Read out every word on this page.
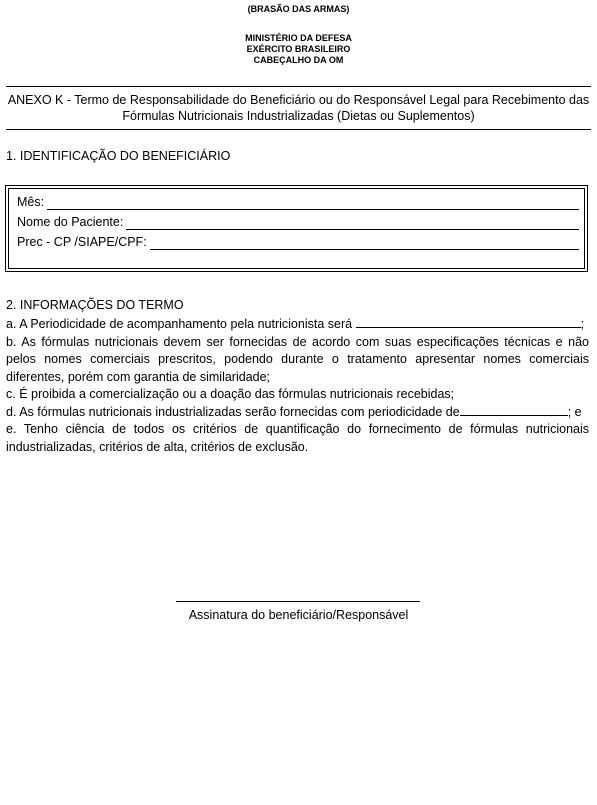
(BRASÃO DAS ARMAS)
MINISTÉRIO DA DEFESA
EXÉRCITO BRASILEIRO
CABEÇALHO DA OM
ANEXO K - Termo de Responsabilidade do Beneficiário ou do Responsável Legal para Recebimento das
Fórmulas Nutricionais Industrializadas (Dietas ou Suplementos)
1. IDENTIFICAÇÃO DO BENEFICIÁRIO
Mês:
Nome do Paciente:
Prec - CP /SIAPE/CPF:
2. INFORMAÇÕES DO TERMO

a. A Periodicidade de acompanhamento pela nutricionista será	;

b. As fórmulas nutricionais devem ser fornecidas de acordo com suas especificações técnicas e não pelos nomes comerciais prescritos, podendo durante o tratamento apresentar nomes comerciais diferentes, porém com garantia de similaridade;

c. É proibida a comercialização ou a doação das fórmulas nutricionais recebidas;

d. As fórmulas nutricionais industrializadas serão fornecidas com periodicidade de	; e

e. Tenho ciência de todos os critérios de quantificação do fornecimento de fórmulas nutricionais industrializadas, critérios de alta, critérios de exclusão.

Assinatura do beneficiário/Responsável
